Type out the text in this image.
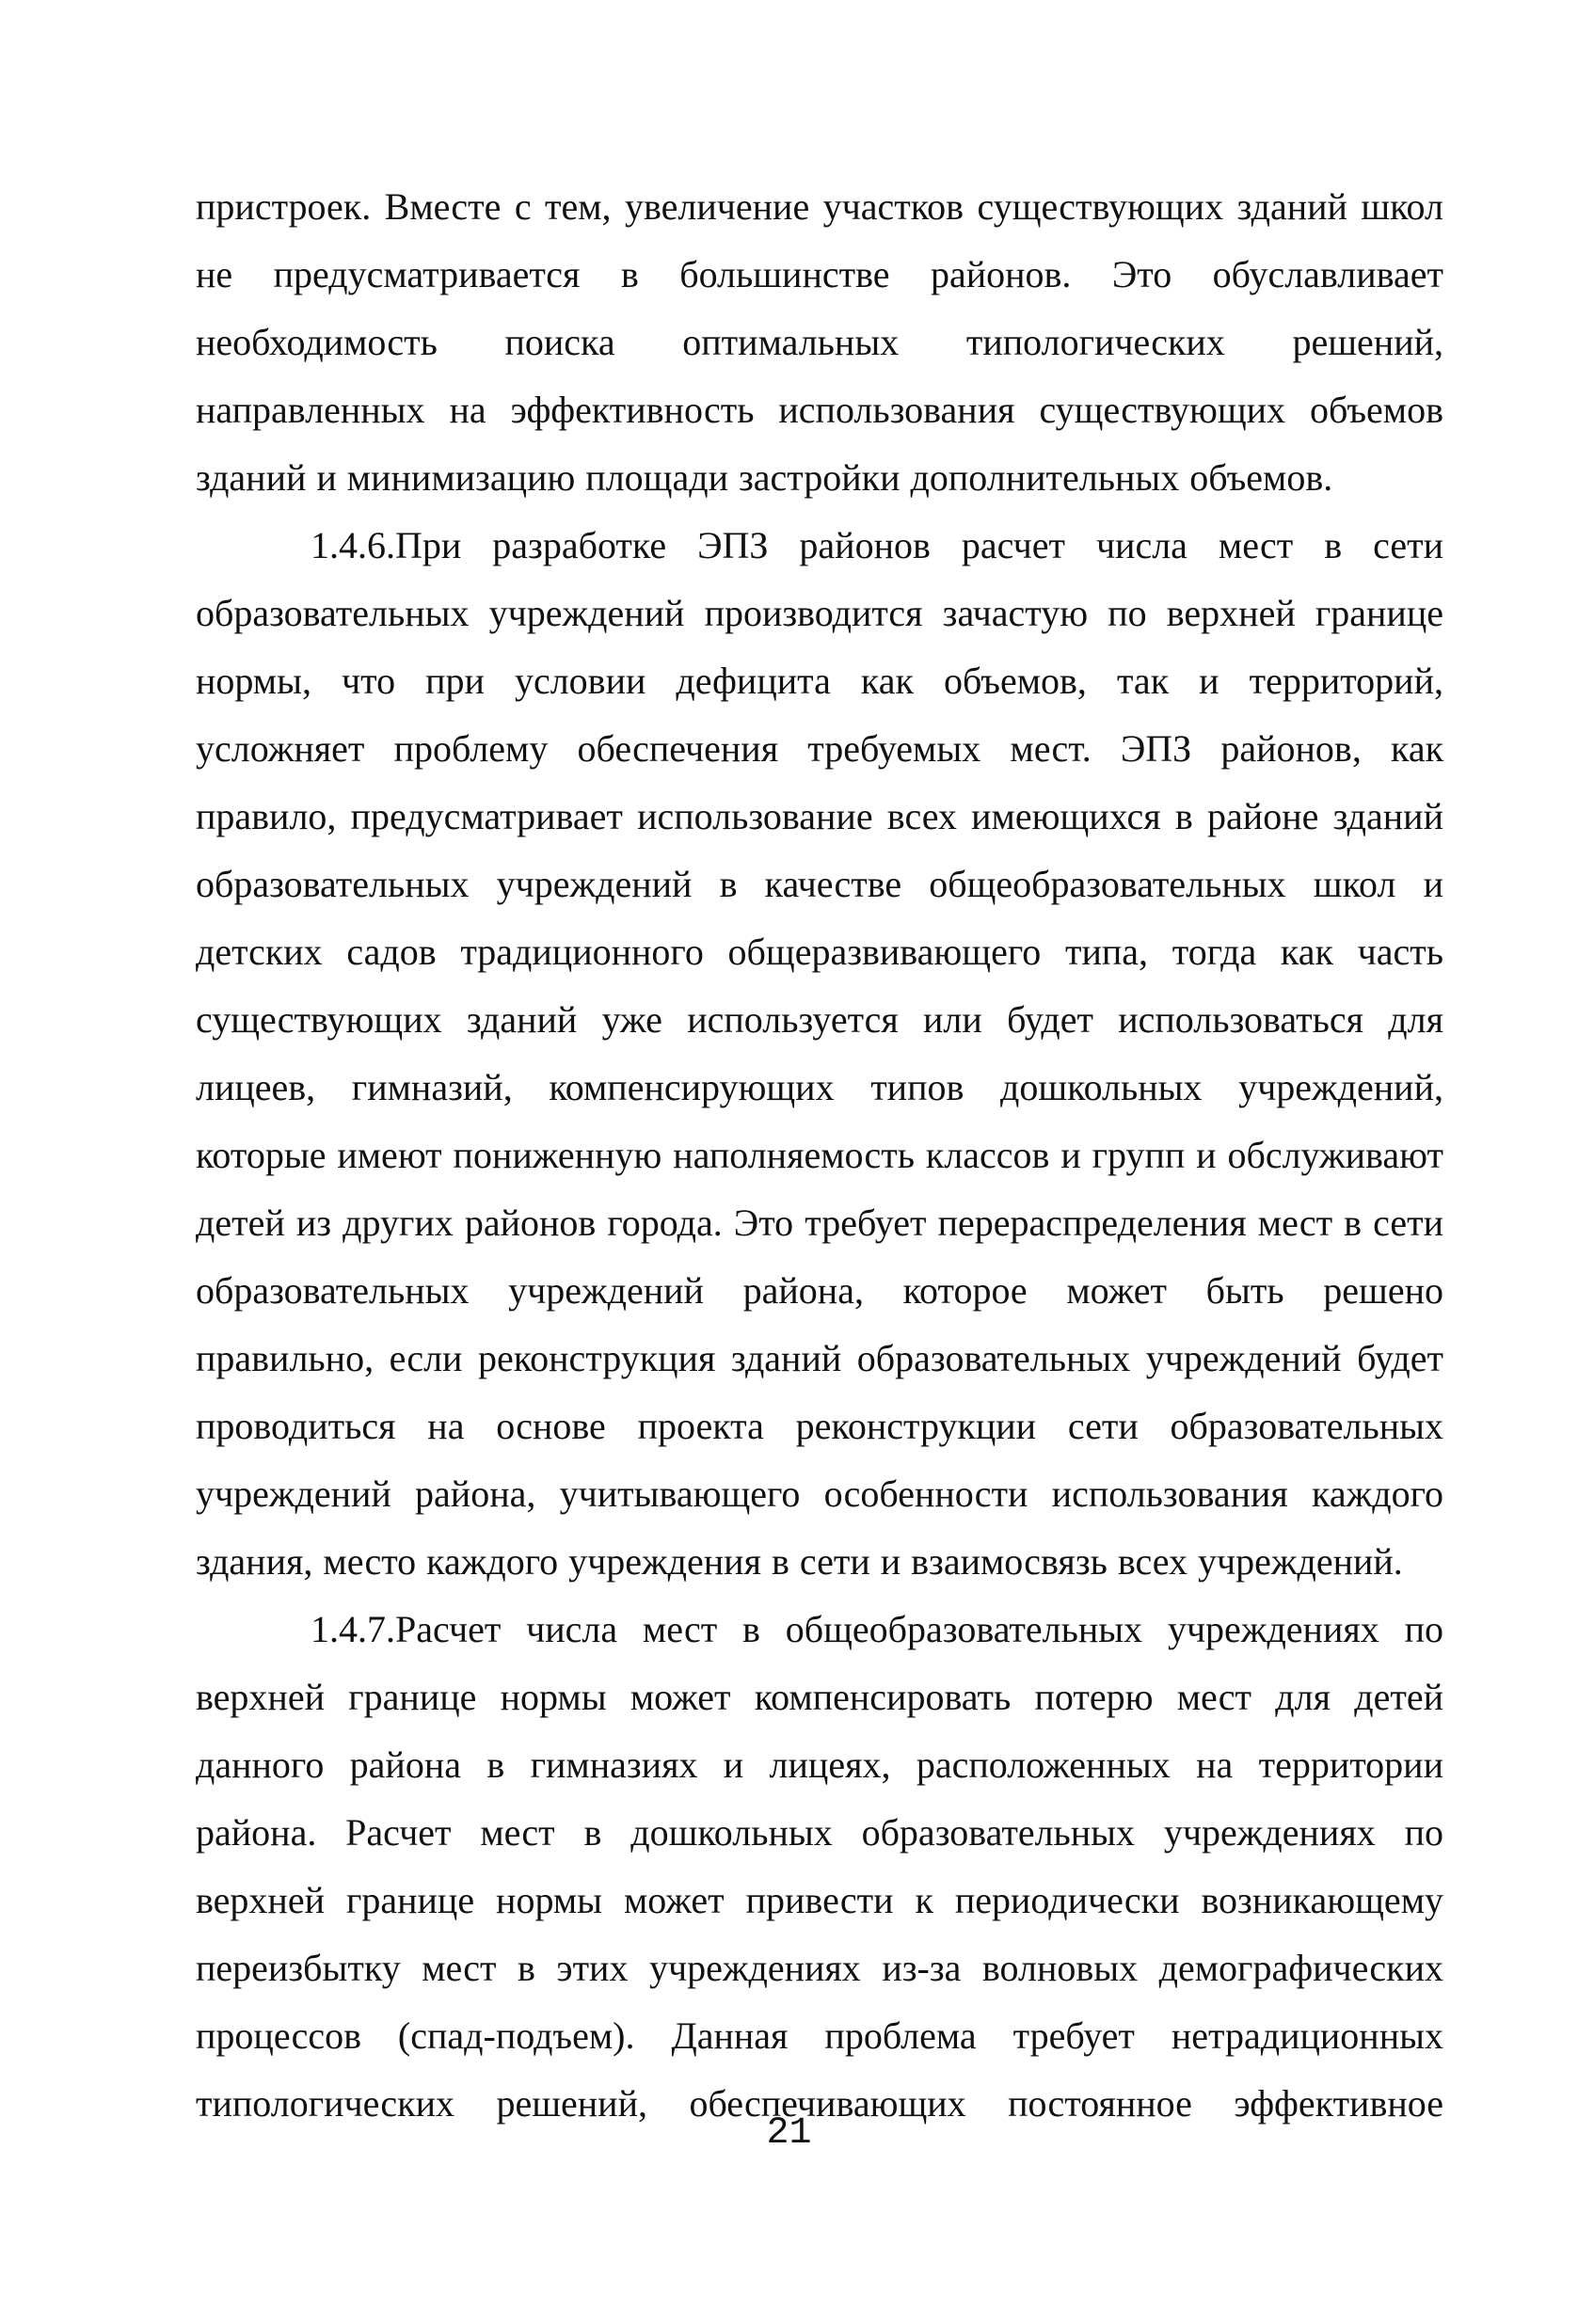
пристроек. Вместе с тем, увеличение участков существующих зданий школ не предусматривается в большинстве районов. Это обуславливает необходимость поиска оптимальных типологических решений, направленных на эффективность использования существующих объемов зданий и минимизацию площади застройки дополнительных объемов.

1.4.6.При разработке ЭПЗ районов расчет числа мест в сети образовательных учреждений производится зачастую по верхней границе нормы, что при условии дефицита как объемов, так и территорий, усложняет проблему обеспечения требуемых мест. ЭПЗ районов, как правило, предусматривает использование всех имеющихся в районе зданий образовательных учреждений в качестве общеобразовательных школ и детских садов традиционного общеразвивающего типа, тогда как часть существующих зданий уже используется или будет использоваться для лицеев, гимназий, компенсирующих типов дошкольных учреждений, которые имеют пониженную наполняемость классов и групп и обслуживают детей из других районов города. Это требует перераспределения мест в сети образовательных учреждений района, которое может быть решено правильно, если реконструкция зданий образовательных учреждений будет проводиться на основе проекта реконструкции сети образовательных учреждений района, учитывающего особенности использования каждого здания, место каждого учреждения в сети и взаимосвязь всех учреждений.

1.4.7.Расчет числа мест в общеобразовательных учреждениях по верхней границе нормы может компенсировать потерю мест для детей данного района в гимназиях и лицеях, расположенных на территории района. Расчет мест в дошкольных образовательных учреждениях по верхней границе нормы может привести к периодически возникающему переизбытку мест в этих учреждениях из-за волновых демографических процессов (спад-подъем). Данная проблема требует нетрадиционных типологических решений, обеспечивающих постоянное эффективное

21
